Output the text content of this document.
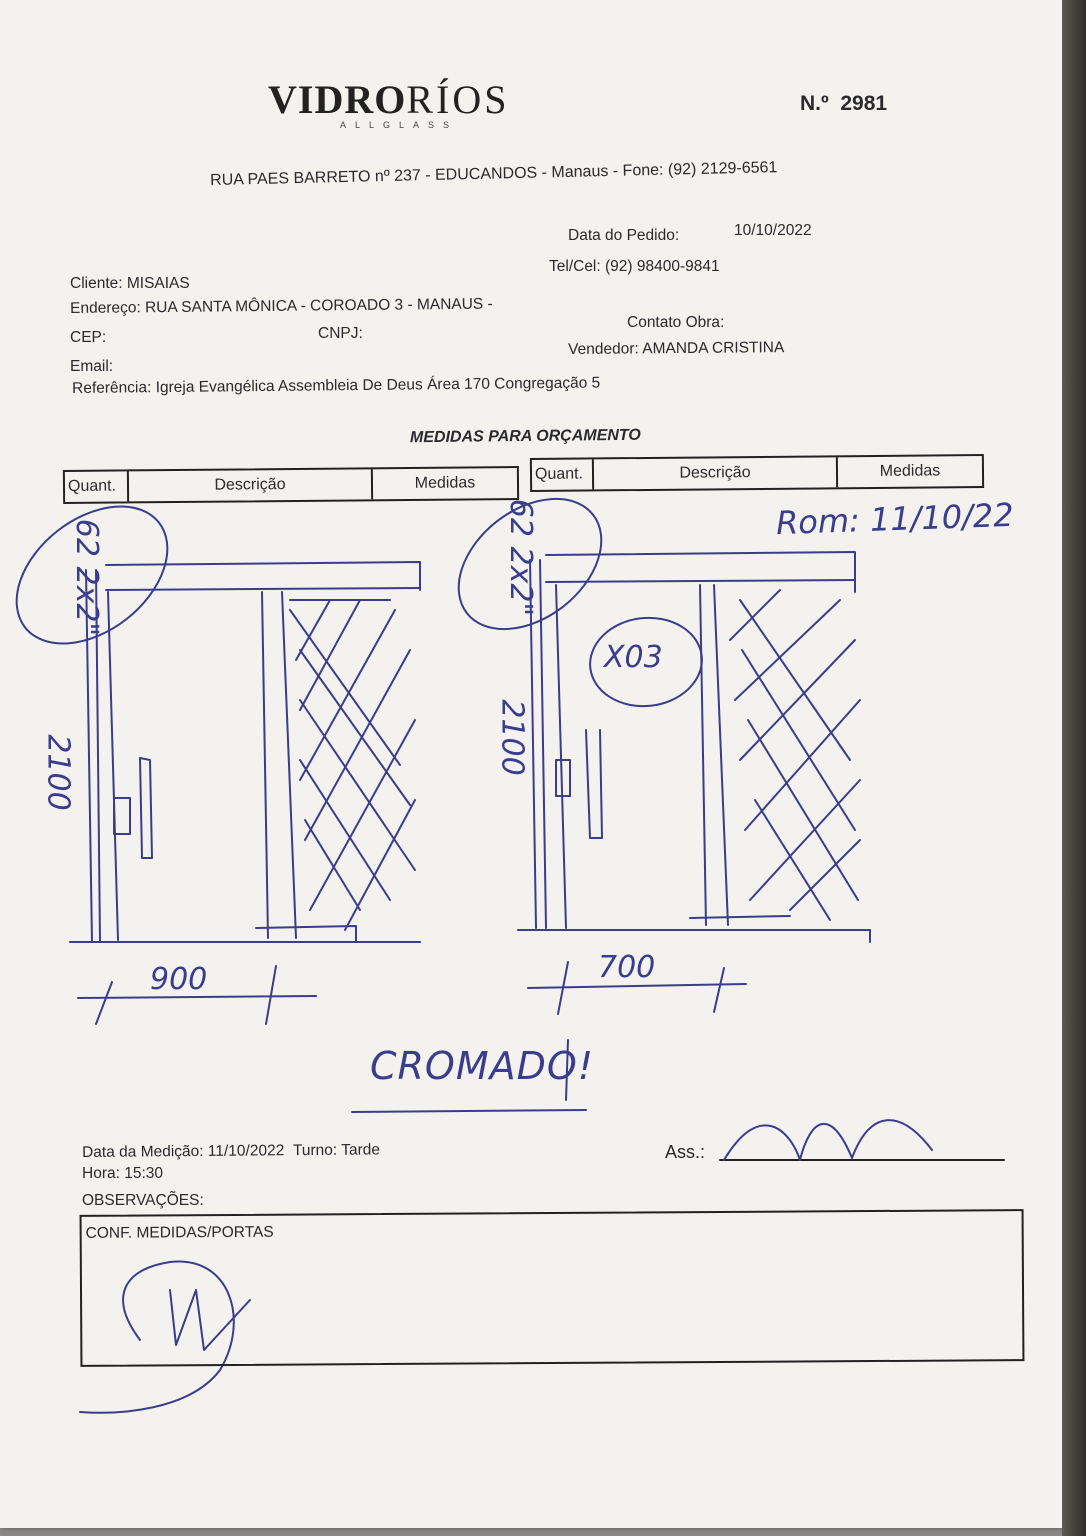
VIDRORÍOS
ALLGLASS
N.º 2981
RUA PAES BARRETO nº 237 - EDUCANDOS - Manaus - Fone: (92) 2129-6561
Data do Pedido:	10/10/2022
Tel/Cel: (92) 98400-9841
Cliente: MISAIAS
Endereço: RUA SANTA MÔNICA - COROADO 3 - MANAUS -
CEP:	CNPJ:
Contato Obra:
Email:
Vendedor: AMANDA CRISTINA
Referência: Igreja Evangélica Assembleia De Deus Área 170 Congregação 5
MEDIDAS PARA ORÇAMENTO
Quant.	Descrição	Medidas
Quant.	Descrição	Medidas
62 2x2"
2100
900
62 2x2"
2100
700
X03
Rom: 11/10/22
CROMADO!
Data da Medição: 11/10/2022 Turno: Tarde
Hora: 15:30
Ass.:
OBSERVAÇÕES:
CONF. MEDIDAS/PORTAS
